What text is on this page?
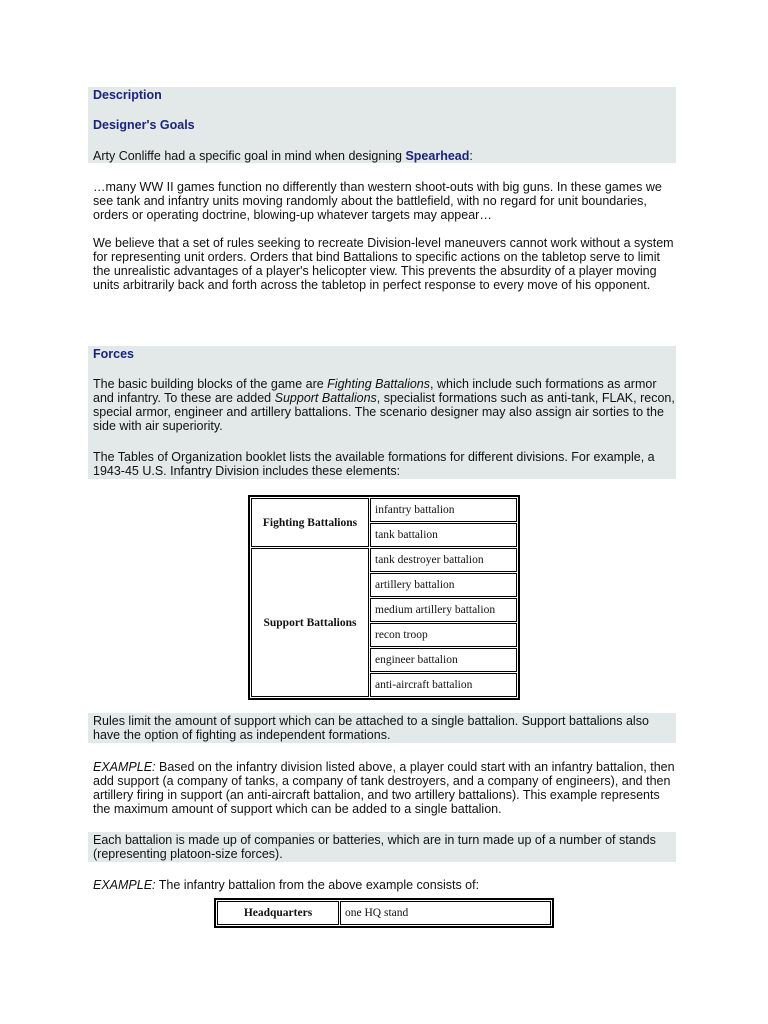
Description
Designer's Goals
Arty Conliffe had a specific goal in mind when designing Spearhead:
…many WW II games function no differently than western shoot-outs with big guns. In these games we see tank and infantry units moving randomly about the battlefield, with no regard for unit boundaries, orders or operating doctrine, blowing-up whatever targets may appear…
We believe that a set of rules seeking to recreate Division-level maneuvers cannot work without a system for representing unit orders. Orders that bind Battalions to specific actions on the tabletop serve to limit the unrealistic advantages of a player's helicopter view. This prevents the absurdity of a player moving units arbitrarily back and forth across the tabletop in perfect response to every move of his opponent.
Forces
The basic building blocks of the game are Fighting Battalions, which include such formations as armor and infantry. To these are added Support Battalions, specialist formations such as anti-tank, FLAK, recon, special armor, engineer and artillery battalions. The scenario designer may also assign air sorties to the side with air superiority.
The Tables of Organization booklet lists the available formations for different divisions. For example, a 1943-45 U.S. Infantry Division includes these elements:
Fighting Battalions	infantry battalion
	tank battalion
Support Battalions	tank destroyer battalion
	artillery battalion
	medium artillery battalion
	recon troop
	engineer battalion
	anti-aircraft battalion
Rules limit the amount of support which can be attached to a single battalion. Support battalions also have the option of fighting as independent formations.
EXAMPLE: Based on the infantry division listed above, a player could start with an infantry battalion, then add support (a company of tanks, a company of tank destroyers, and a company of engineers), and then artillery firing in support (an anti-aircraft battalion, and two artillery battalions). This example represents the maximum amount of support which can be added to a single battalion.
Each battalion is made up of companies or batteries, which are in turn made up of a number of stands (representing platoon-size forces).
EXAMPLE: The infantry battalion from the above example consists of:
Headquarters	one HQ stand
